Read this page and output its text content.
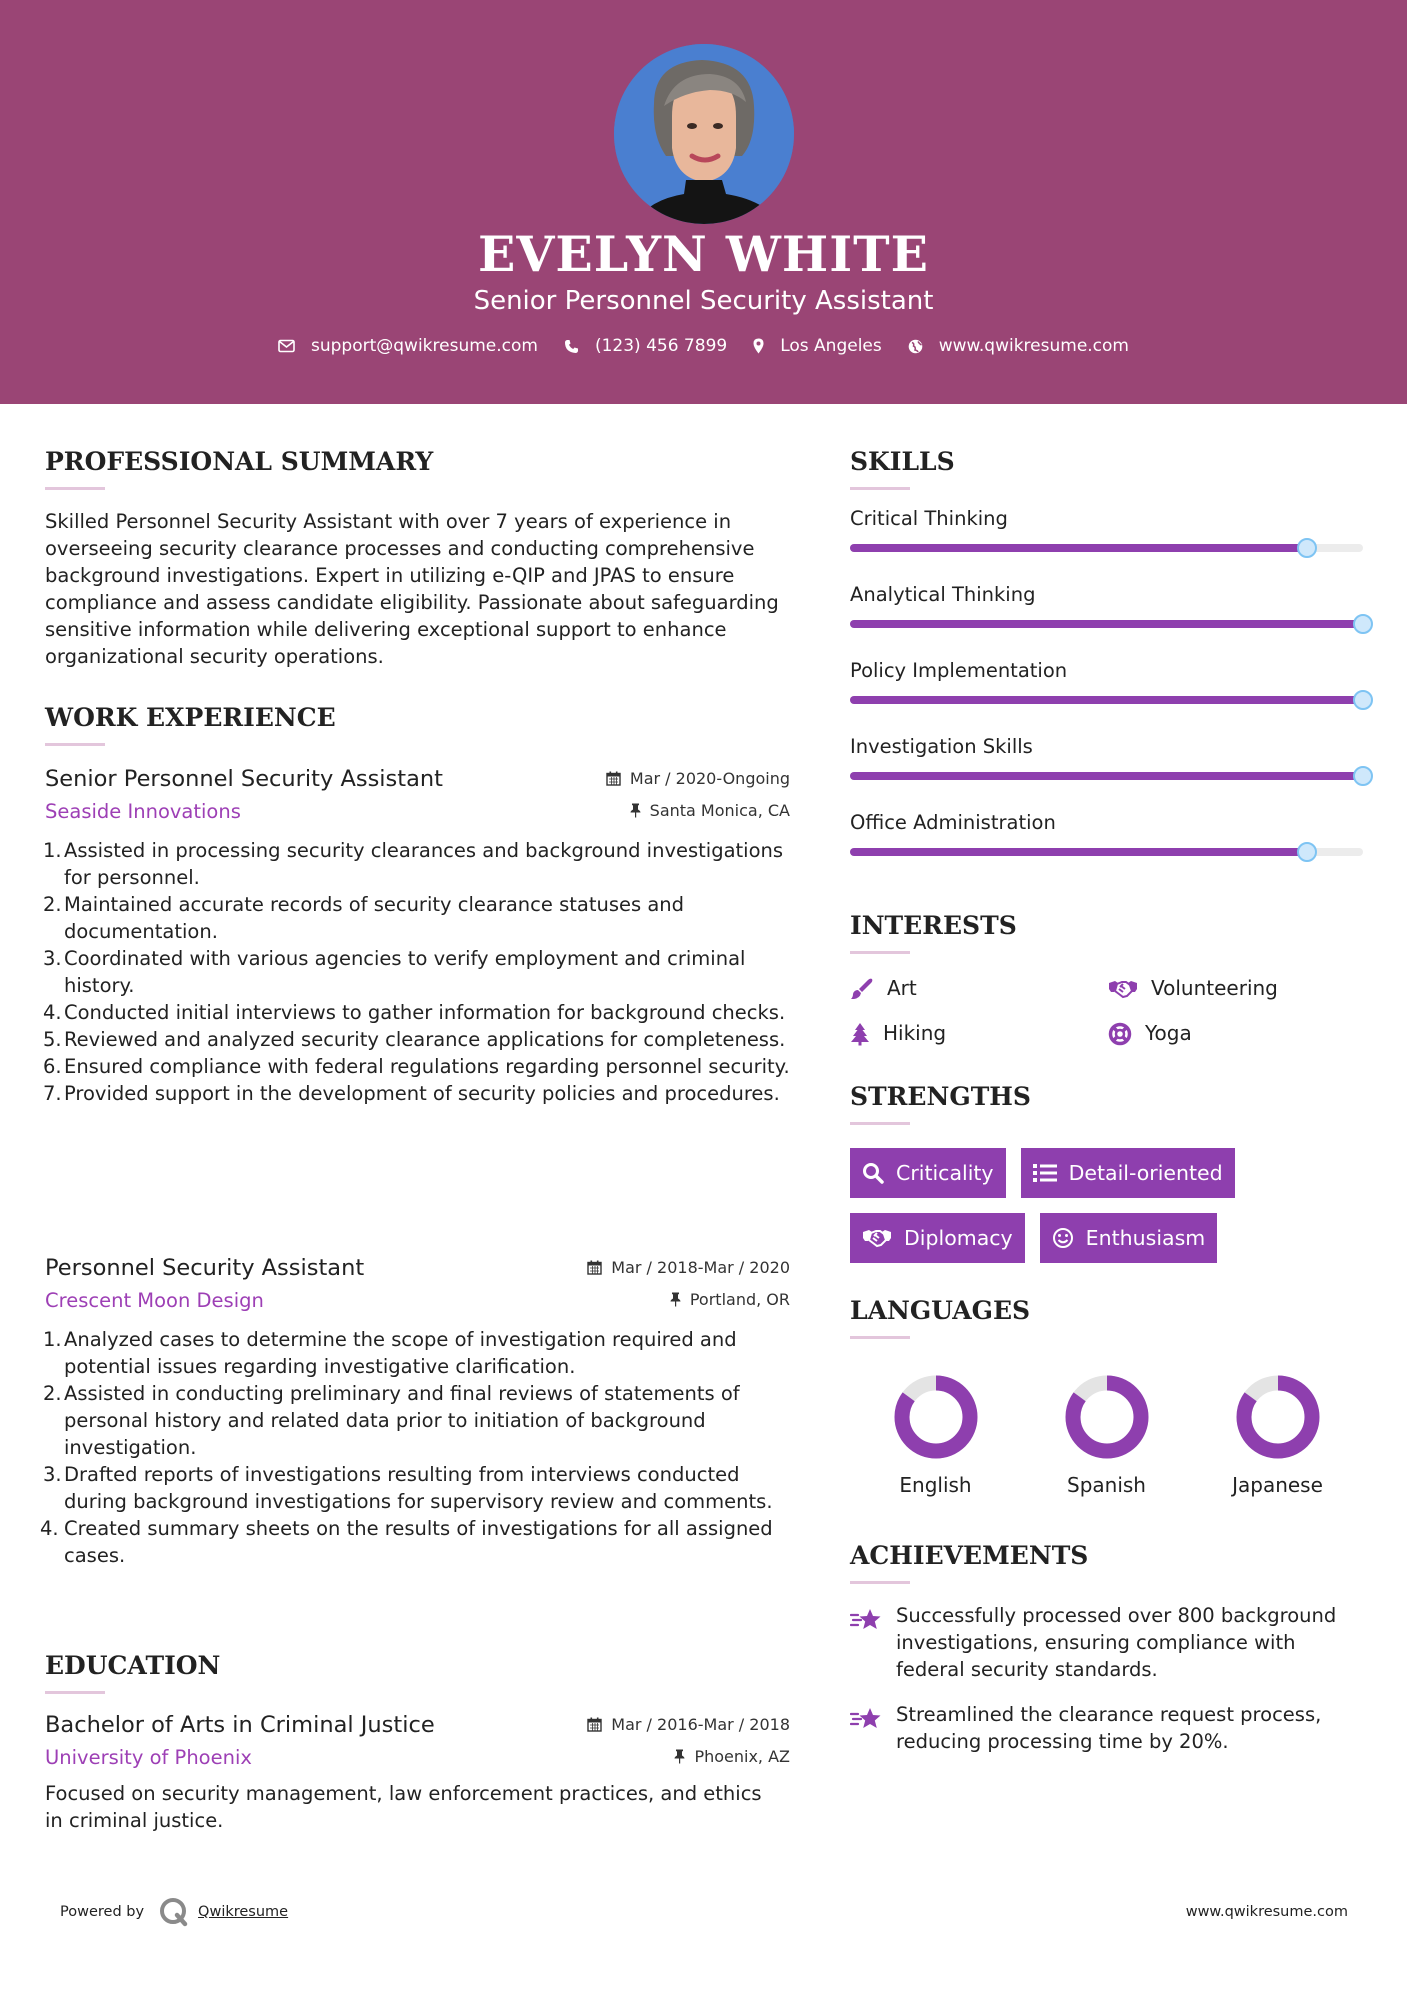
EVELYN WHITE
Senior Personnel Security Assistant
support@qwikresume.com	(123) 456 7899	Los Angeles	www.qwikresume.com
PROFESSIONAL SUMMARY
Skilled Personnel Security Assistant with over 7 years of experience in overseeing security clearance processes and conducting comprehensive background investigations. Expert in utilizing e-QIP and JPAS to ensure compliance and assess candidate eligibility. Passionate about safeguarding sensitive information while delivering exceptional support to enhance organizational security operations.
WORK EXPERIENCE
Senior Personnel Security Assistant	Mar / 2020-Ongoing
Seaside Innovations	Santa Monica, CA
1. Assisted in processing security clearances and background investigations for personnel.
2. Maintained accurate records of security clearance statuses and documentation.
3. Coordinated with various agencies to verify employment and criminal history.
4. Conducted initial interviews to gather information for background checks.
5. Reviewed and analyzed security clearance applications for completeness.
6. Ensured compliance with federal regulations regarding personnel security.
7. Provided support in the development of security policies and procedures.
Personnel Security Assistant	Mar / 2018-Mar / 2020
Crescent Moon Design	Portland, OR
1. Analyzed cases to determine the scope of investigation required and potential issues regarding investigative clarification.
2. Assisted in conducting preliminary and final reviews of statements of personal history and related data prior to initiation of background investigation.
3. Drafted reports of investigations resulting from interviews conducted during background investigations for supervisory review and comments.
4. Created summary sheets on the results of investigations for all assigned cases.
EDUCATION
Bachelor of Arts in Criminal Justice	Mar / 2016-Mar / 2018
University of Phoenix	Phoenix, AZ
Focused on security management, law enforcement practices, and ethics in criminal justice.
SKILLS
Critical Thinking
Analytical Thinking
Policy Implementation
Investigation Skills
Office Administration
INTERESTS
Art	Volunteering
Hiking	Yoga
STRENGTHS
Criticality	Detail-oriented
Diplomacy	Enthusiasm
LANGUAGES
English	Spanish	Japanese
ACHIEVEMENTS
Successfully processed over 800 background investigations, ensuring compliance with federal security standards.
Streamlined the clearance request process, reducing processing time by 20%.
Powered by	Qwikresume	www.qwikresume.com
